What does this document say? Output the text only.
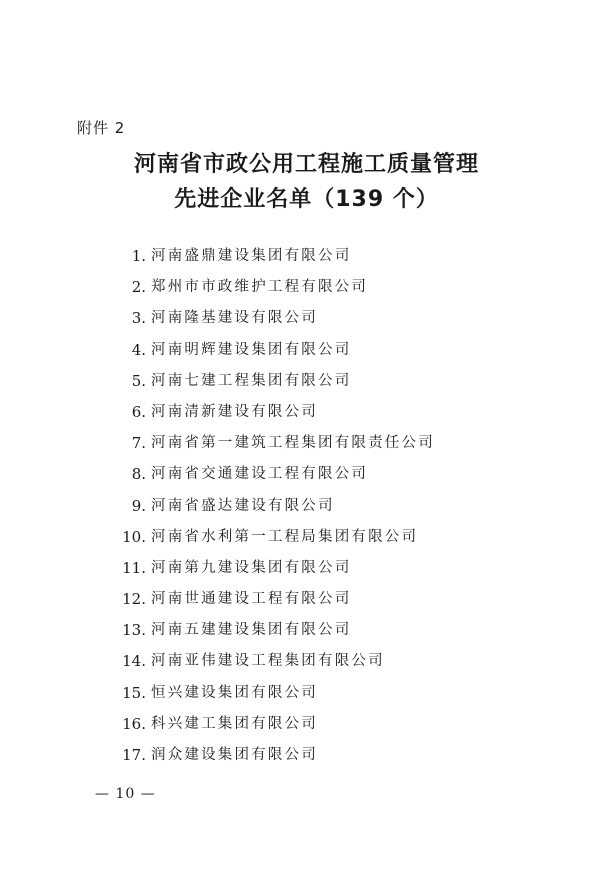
附件 2
河南省市政公用工程施工质量管理
先进企业名单（139 个）
1. 河南盛鼎建设集团有限公司
2. 郑州市市政维护工程有限公司
3. 河南隆基建设有限公司
4. 河南明辉建设集团有限公司
5. 河南七建工程集团有限公司
6. 河南清新建设有限公司
7. 河南省第一建筑工程集团有限责任公司
8. 河南省交通建设工程有限公司
9. 河南省盛达建设有限公司
10. 河南省水利第一工程局集团有限公司
11. 河南第九建设集团有限公司
12. 河南世通建设工程有限公司
13. 河南五建建设集团有限公司
14. 河南亚伟建设工程集团有限公司
15. 恒兴建设集团有限公司
16. 科兴建工集团有限公司
17. 润众建设集团有限公司
— 10 —
